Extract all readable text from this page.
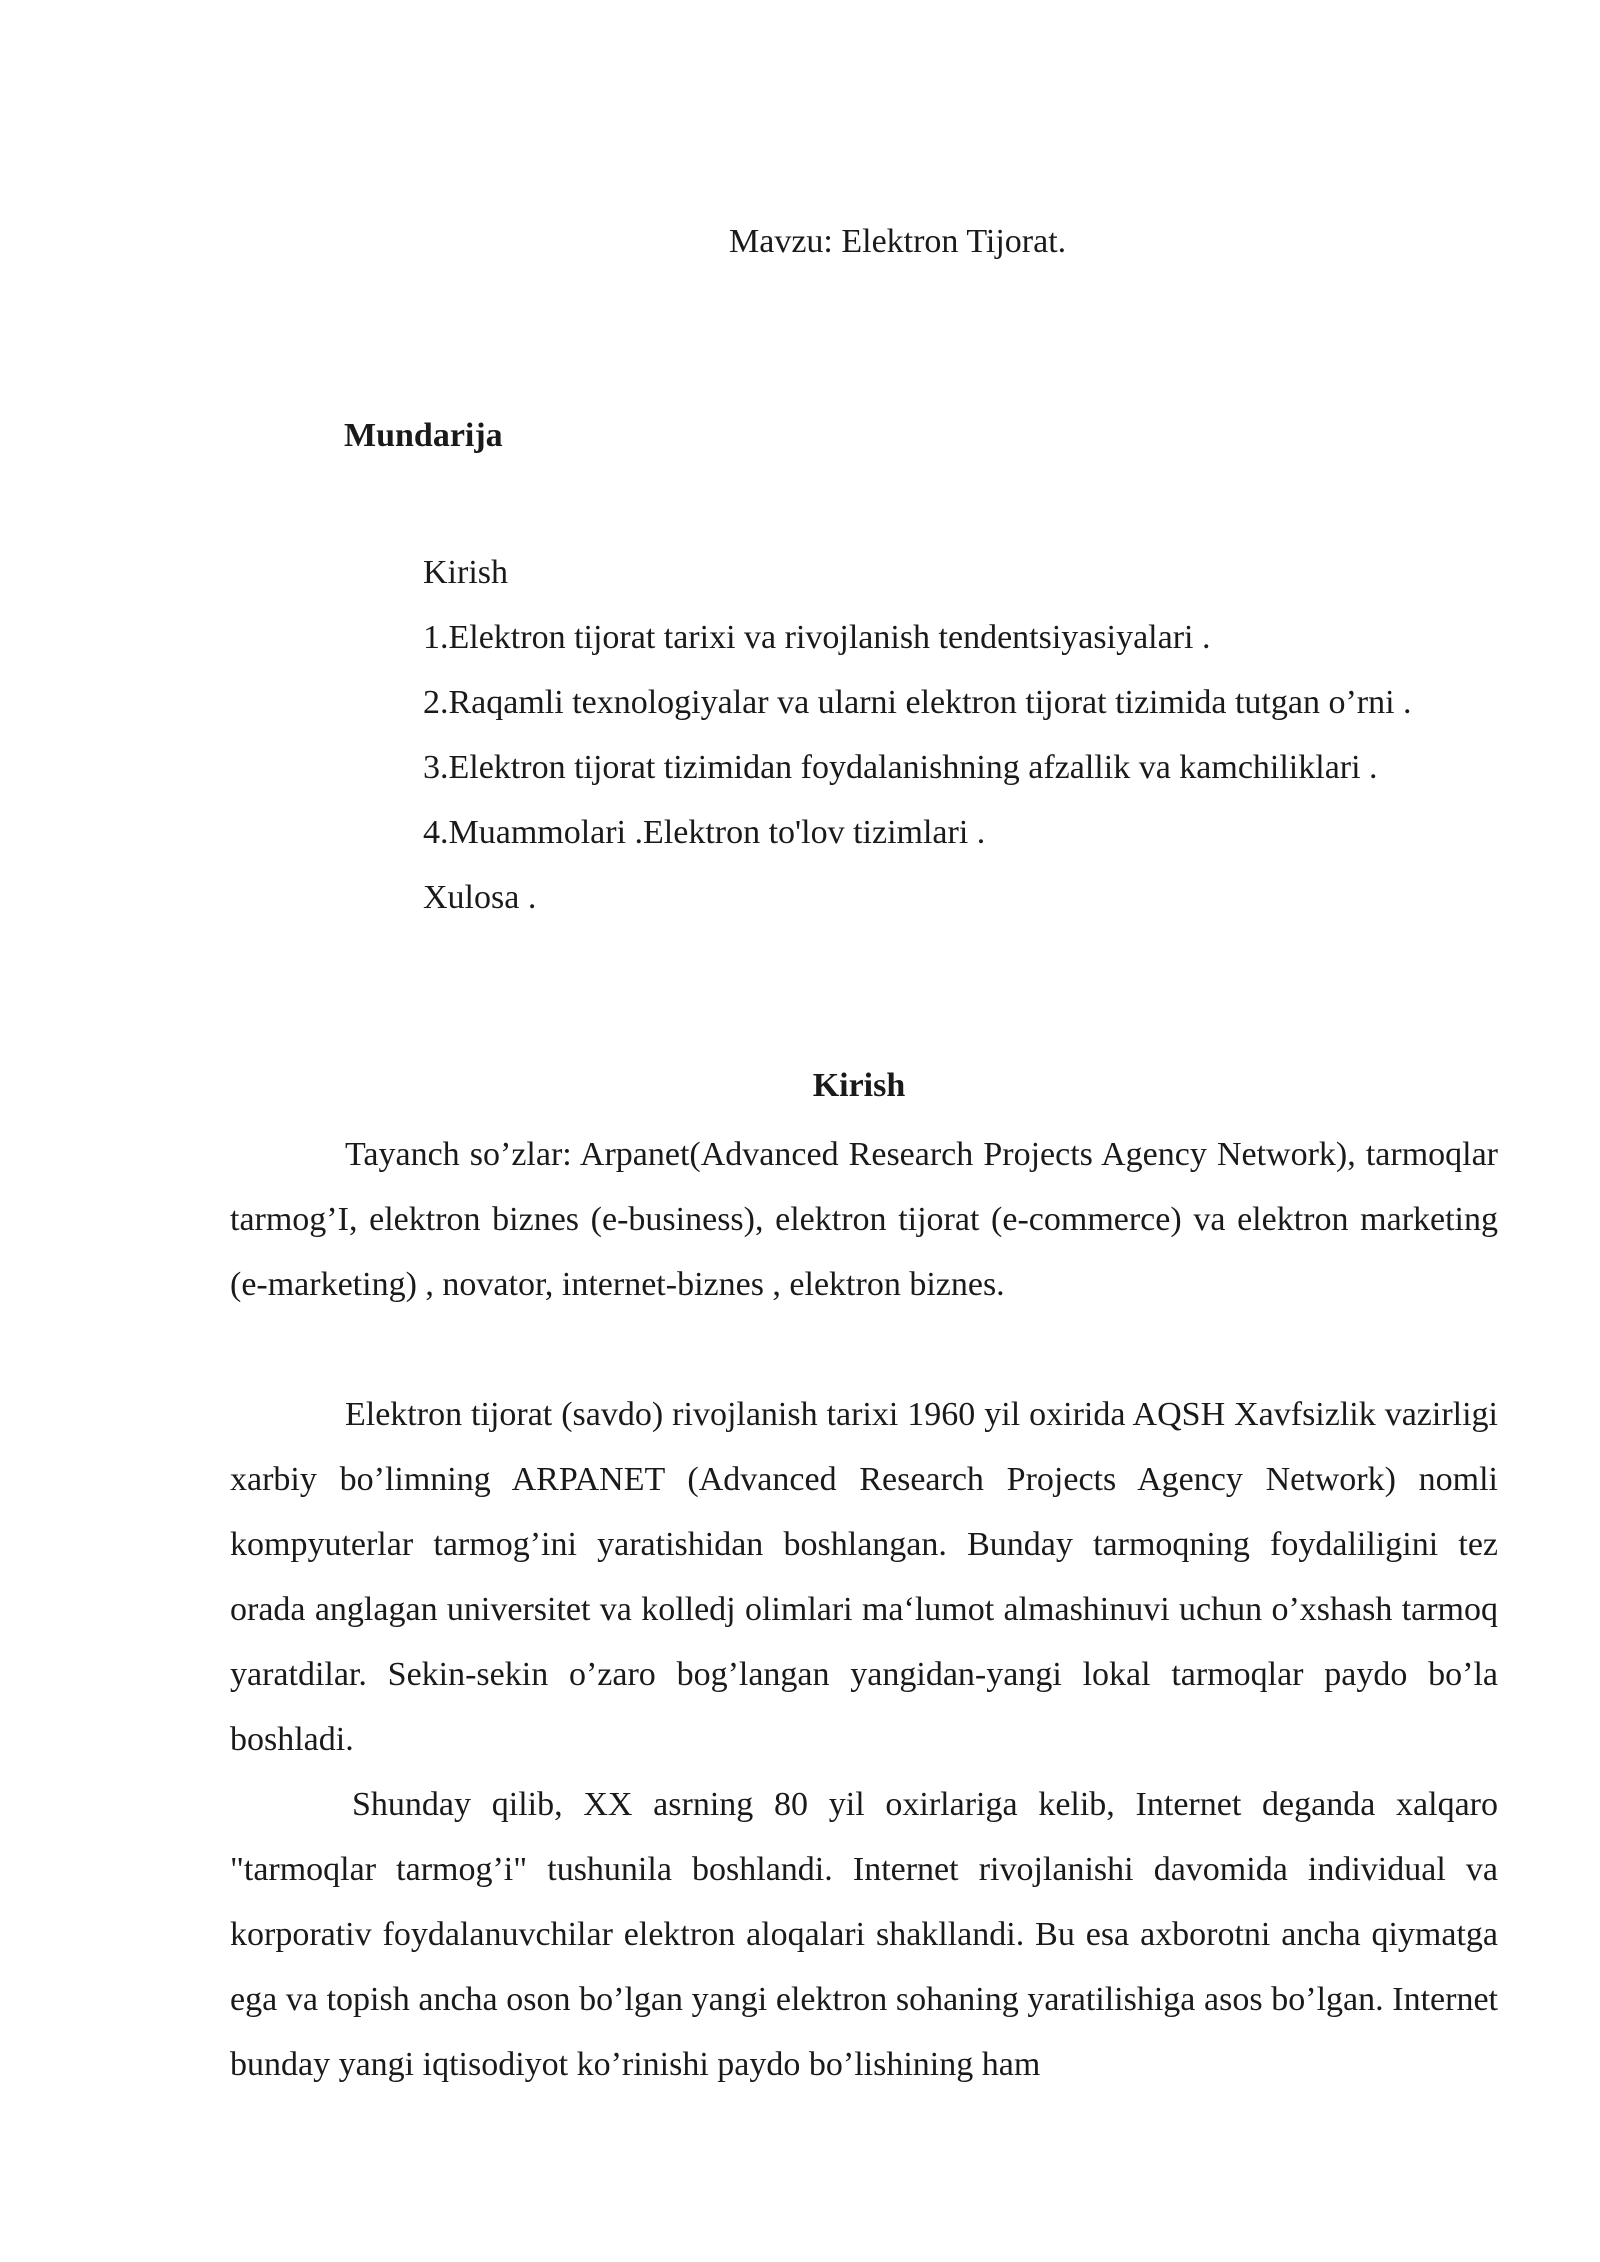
Mavzu: Elektron Tijorat.
Mundarija
Kirish
1.Elektron tijorat tarixi va rivojlanish tendentsiyasiyalari .
2.Raqamli texnologiyalar va ularni elektron tijorat tizimida tutgan o’rni .
3.Elektron tijorat tizimidan foydalanishning afzallik va kamchiliklari .
4.Muammolari .Elektron to'lov tizimlari .
Xulosa .
Kirish

Tayanch so’zlar: Arpanet(Advanced Research Projects Agency Network), tarmoqlar tarmog’I, elektron biznes (e-business), elektron tijorat (e-commerce) va elektron marketing (e-marketing) , novator, internet-biznes , elektron biznes.

Elektron tijorat (savdo) rivojlanish tarixi 1960 yil oxirida AQSH Xavfsizlik vazirligi xarbiy bo’limning ARPANET (Advanced Research Projects Agency Network) nomli kompyuterlar tarmog’ini yaratishidan boshlangan. Bunday tarmoqning foydaliligini tez orada anglagan universitet va kolledj olimlari ma‘lumot almashinuvi uchun o’xshash tarmoq yaratdilar. Sekin-sekin o’zaro bog’langan yangidan-yangi lokal tarmoqlar paydo bo’la boshladi.

Shunday qilib, XX asrning 80 yil oxirlariga kelib, Internet deganda xalqaro "tarmoqlar tarmog’i" tushunila boshlandi. Internet rivojlanishi davomida individual va korporativ foydalanuvchilar elektron aloqalari shakllandi. Bu esa axborotni ancha qiymatga ega va topish ancha oson bo’lgan yangi elektron sohaning yaratilishiga asos bo’lgan. Internet bunday yangi iqtisodiyot ko’rinishi paydo bo’lishining ham
